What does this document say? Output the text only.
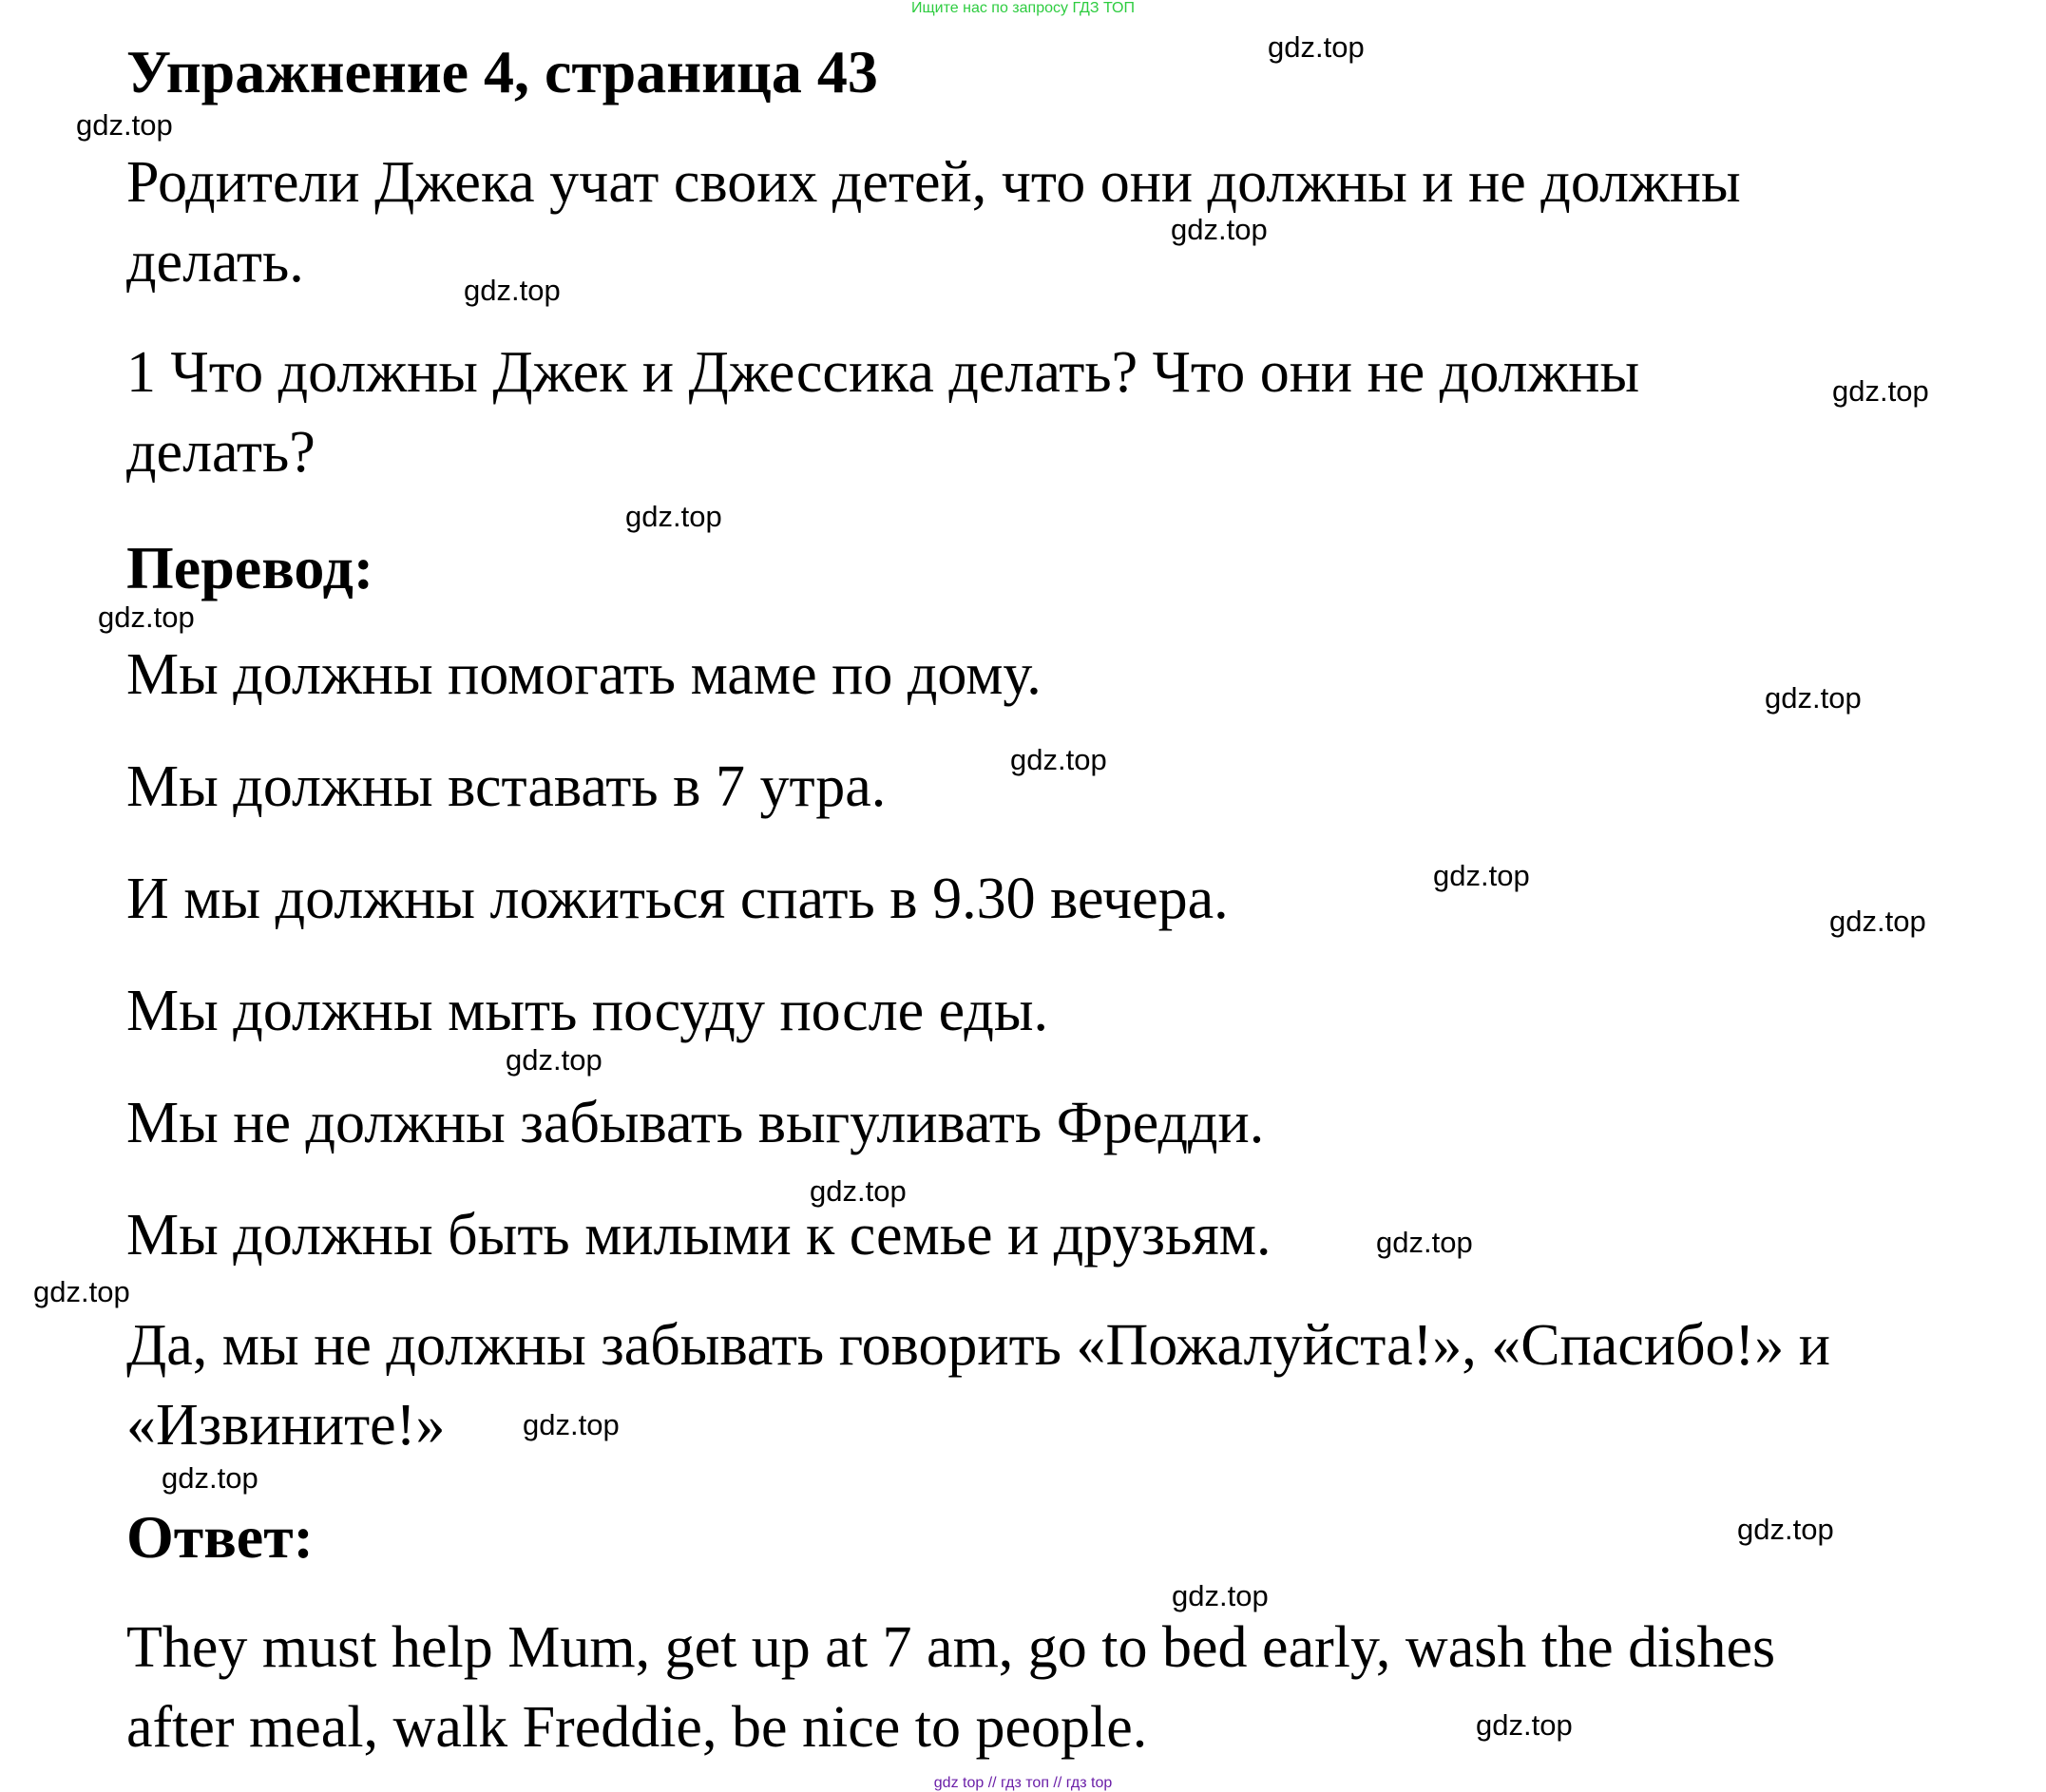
Ищите нас по запросу ГДЗ ТОП
Упражнение 4, страница 43
Родители Джека учат своих детей, что они должны и не должны
делать.
1 Что должны Джек и Джессика делать? Что они не должны
делать?
Перевод:
Мы должны помогать маме по дому.
Мы должны вставать в 7 утра.
И мы должны ложиться спать в 9.30 вечера.
Мы должны мыть посуду после еды.
Мы не должны забывать выгуливать Фредди.
Мы должны быть милыми к семье и друзьям.
Да, мы не должны забывать говорить «Пожалуйста!», «Спасибо!» и
«Извините!»
Ответ:
They must help Mum, get up at 7 am, go to bed early, wash the dishes
after meal, walk Freddie, be nice to people.
gdz.top
gdz.top
gdz.top
gdz.top
gdz.top
gdz.top
gdz.top
gdz.top
gdz.top
gdz.top
gdz.top
gdz.top
gdz.top
gdz.top
gdz.top
gdz.top
gdz.top
gdz.top
gdz.top
gdz.top
gdz top // гдз топ // гдз top
